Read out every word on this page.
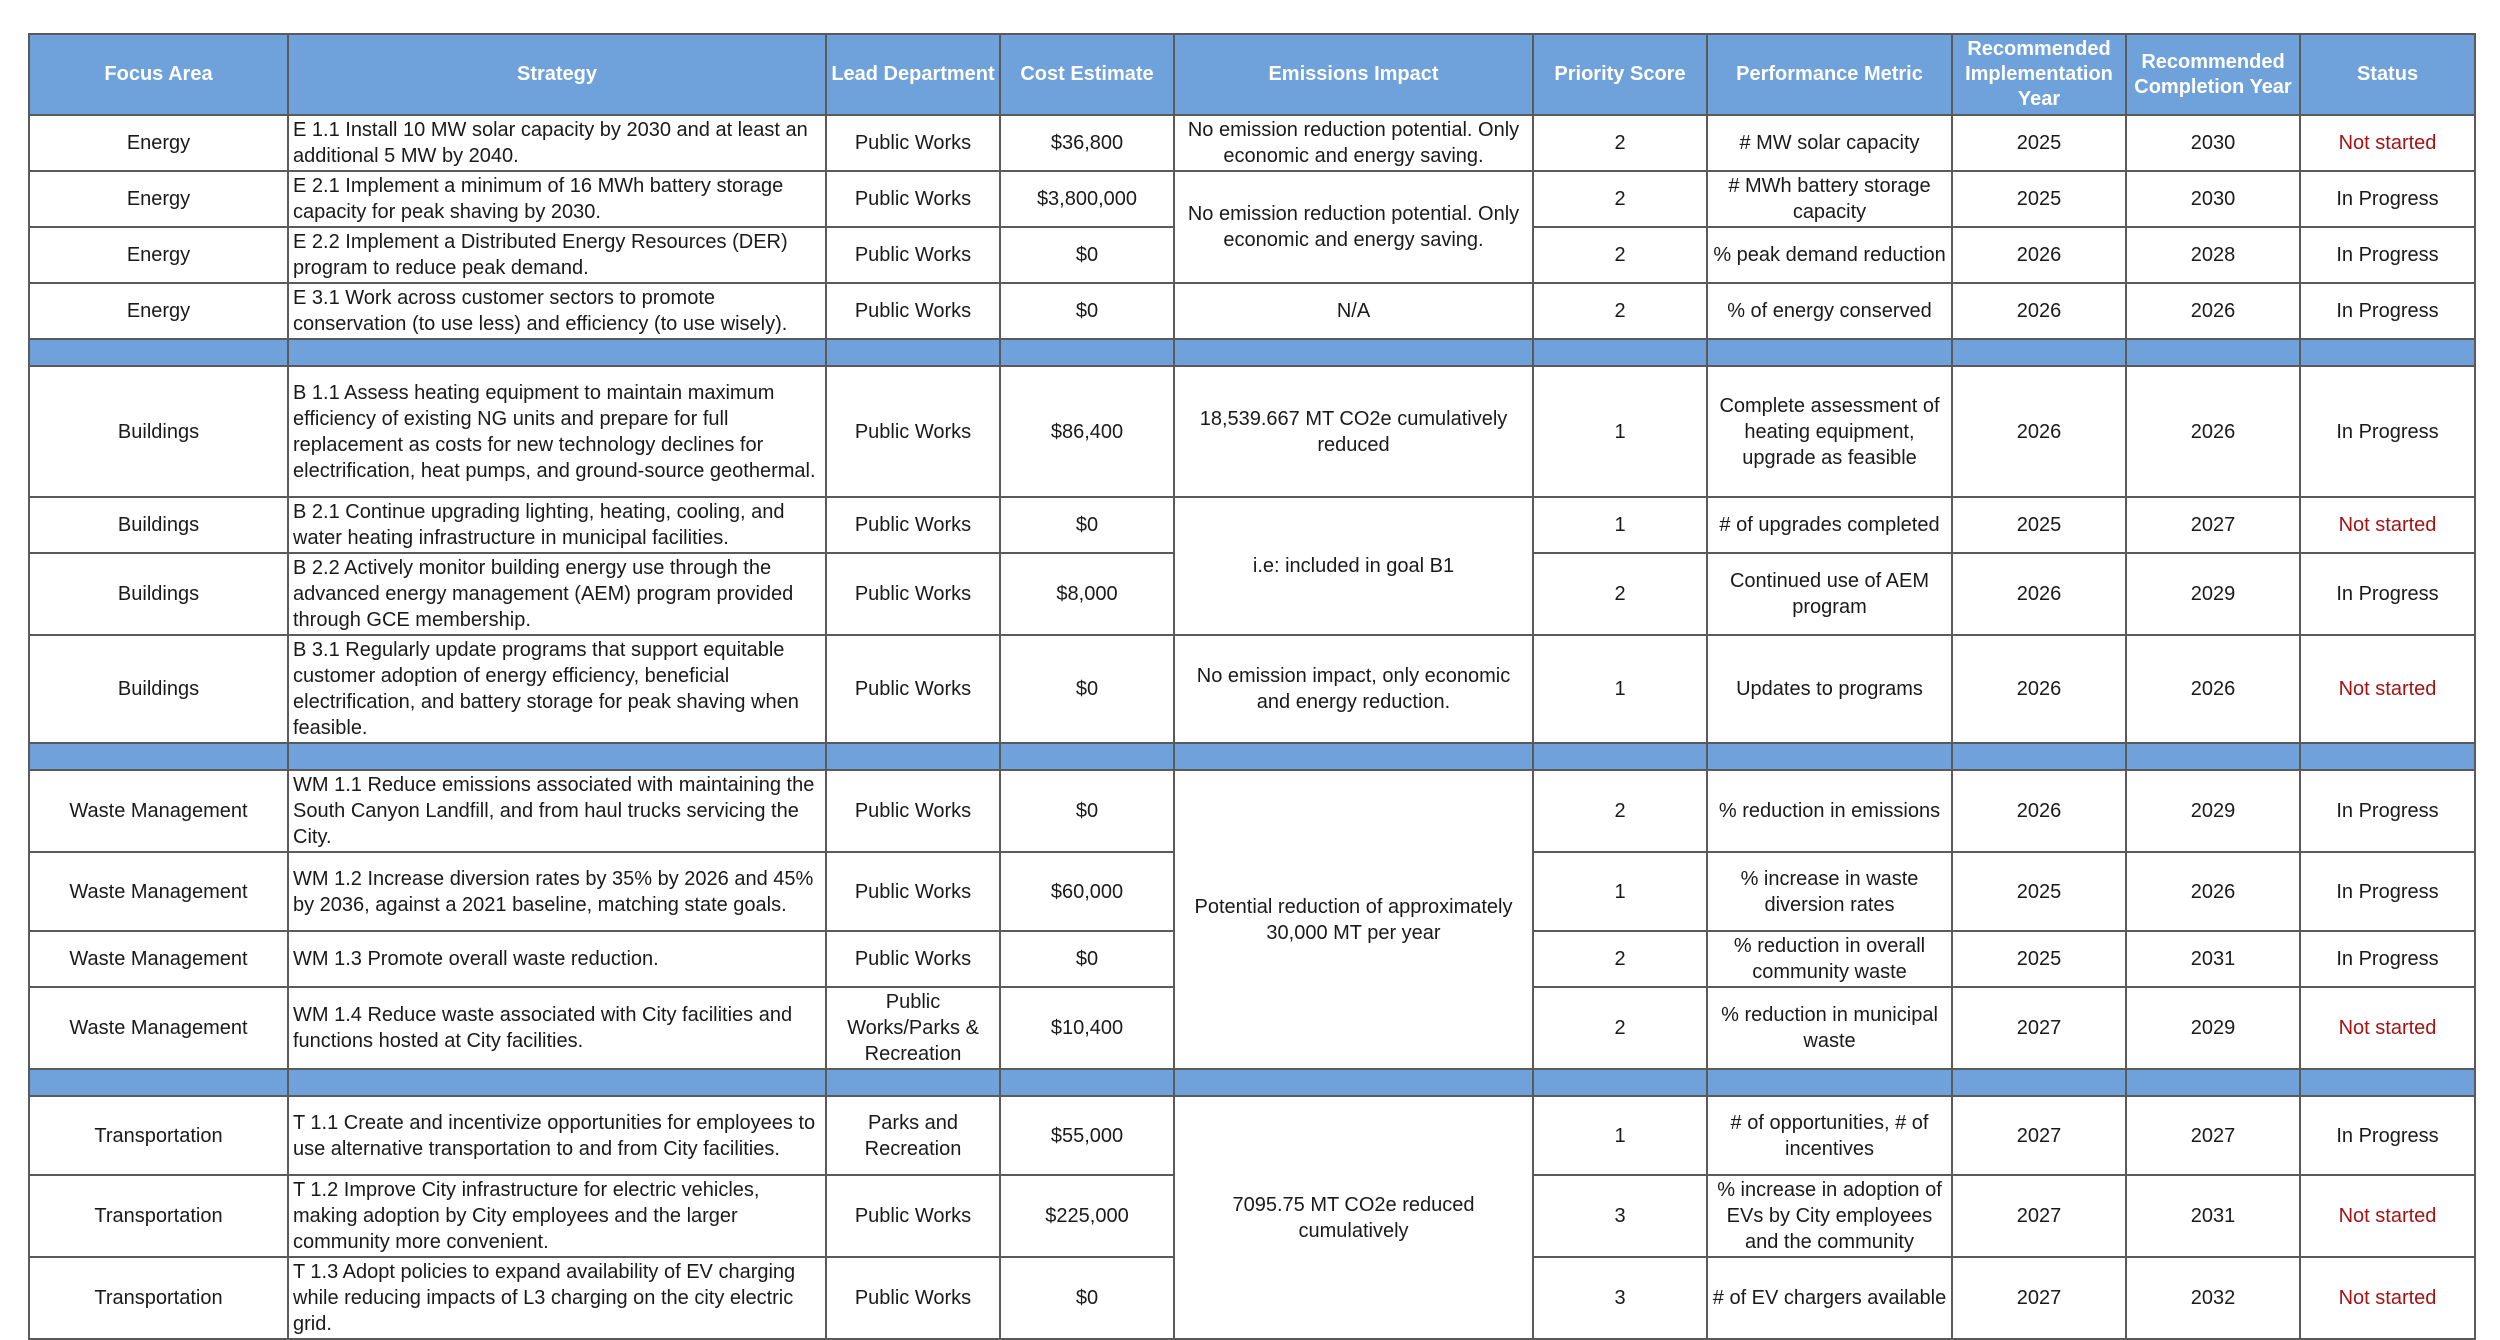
Focus Area	Strategy	Lead Department	Cost Estimate	Emissions Impact	Priority Score	Performance Metric	Recommended Implementation Year	Recommended Completion Year	Status
Energy	E 1.1 Install 10 MW solar capacity by 2030 and at least an additional 5 MW by 2040.	Public Works	$36,800	No emission reduction potential. Only economic and energy saving.	2	# MW solar capacity	2025	2030	Not started
Energy	E 2.1 Implement a minimum of 16 MWh battery storage capacity for peak shaving by 2030.	Public Works	$3,800,000	No emission reduction potential. Only economic and energy saving.	2	# MWh battery storage capacity	2025	2030	In Progress
Energy	E 2.2 Implement a Distributed Energy Resources (DER) program to reduce peak demand.	Public Works	$0		2	% peak demand reduction	2026	2028	In Progress
Energy	E 3.1 Work across customer sectors to promote conservation (to use less) and efficiency (to use wisely).	Public Works	$0	N/A	2	% of energy conserved	2026	2026	In Progress

Buildings	B 1.1 Assess heating equipment to maintain maximum efficiency of existing NG units and prepare for full replacement as costs for new technology declines for electrification, heat pumps, and ground-source geothermal.	Public Works	$86,400	18,539.667 MT CO2e cumulatively reduced	1	Complete assessment of heating equipment, upgrade as feasible	2026	2026	In Progress
Buildings	B 2.1 Continue upgrading lighting, heating, cooling, and water heating infrastructure in municipal facilities.	Public Works	$0	i.e: included in goal B1	1	# of upgrades completed	2025	2027	Not started
Buildings	B 2.2 Actively monitor building energy use through the advanced energy management (AEM) program provided through GCE membership.	Public Works	$8,000		2	Continued use of AEM program	2026	2029	In Progress
Buildings	B 3.1 Regularly update programs that support equitable customer adoption of energy efficiency, beneficial electrification, and battery storage for peak shaving when feasible.	Public Works	$0	No emission impact, only economic and energy reduction.	1	Updates to programs	2026	2026	Not started

Waste Management	WM 1.1 Reduce emissions associated with maintaining the South Canyon Landfill, and from haul trucks servicing the City.	Public Works	$0	Potential reduction of approximately 30,000 MT per year	2	% reduction in emissions	2026	2029	In Progress
Waste Management	WM 1.2 Increase diversion rates by 35% by 2026 and 45% by 2036, against a 2021 baseline, matching state goals.	Public Works	$60,000		1	% increase in waste diversion rates	2025	2026	In Progress
Waste Management	WM 1.3 Promote overall waste reduction.	Public Works	$0		2	% reduction in overall community waste	2025	2031	In Progress
Waste Management	WM 1.4 Reduce waste associated with City facilities and functions hosted at City facilities.	Public Works/Parks & Recreation	$10,400		2	% reduction in municipal waste	2027	2029	Not started

Transportation	T 1.1 Create and incentivize opportunities for employees to use alternative transportation to and from City facilities.	Parks and Recreation	$55,000	7095.75 MT CO2e reduced cumulatively	1	# of opportunities, # of incentives	2027	2027	In Progress
Transportation	T 1.2 Improve City infrastructure for electric vehicles, making adoption by City employees and the larger community more convenient.	Public Works	$225,000		3	% increase in adoption of EVs by City employees and the community	2027	2031	Not started
Transportation	T 1.3 Adopt policies to expand availability of EV charging while reducing impacts of L3 charging on the city electric grid.	Public Works	$0		3	# of EV chargers available	2027	2032	Not started
